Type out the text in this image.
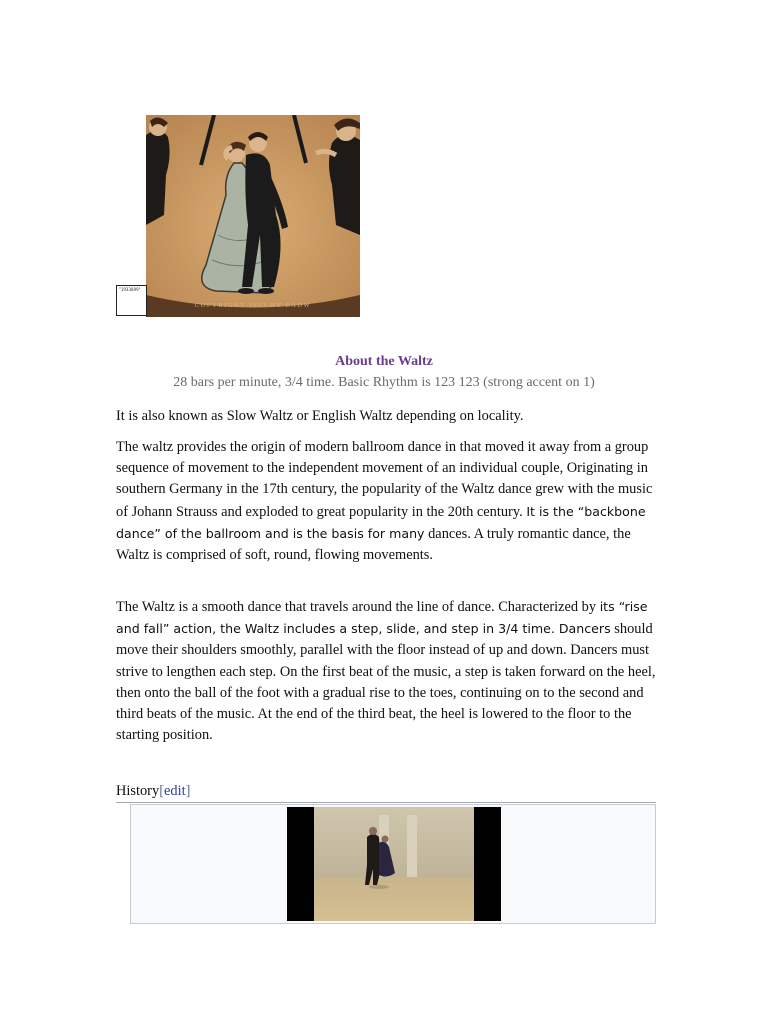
COPYRIGHT 1893 BY EADW
"1933899"
About the Waltz
28 bars per minute, 3/4 time. Basic Rhythm is 123 123 (strong accent on 1)

It is also known as Slow Waltz or English Waltz depending on locality.

The waltz provides the origin of modern ballroom dance in that moved it away from a group sequence of movement to the independent movement of an individual couple, Originating in southern Germany in the 17th century, the popularity of the Waltz dance grew with the music of Johann Strauss and exploded to great popularity in the 20th century. It is the “backbone dance” of the ballroom and is the basis for many dances. A truly romantic dance, the Waltz is comprised of soft, round, flowing movements.

The Waltz is a smooth dance that travels around the line of dance. Characterized by its “rise and fall” action, the Waltz includes a step, slide, and step in 3/4 time. Dancers should move their shoulders smoothly, parallel with the floor instead of up and down. Dancers must strive to lengthen each step. On the first beat of the music, a step is taken forward on the heel, then onto the ball of the foot with a gradual rise to the toes, continuing on to the second and third beats of the music. At the end of the third beat, the heel is lowered to the floor to the starting position.

History[edit]
